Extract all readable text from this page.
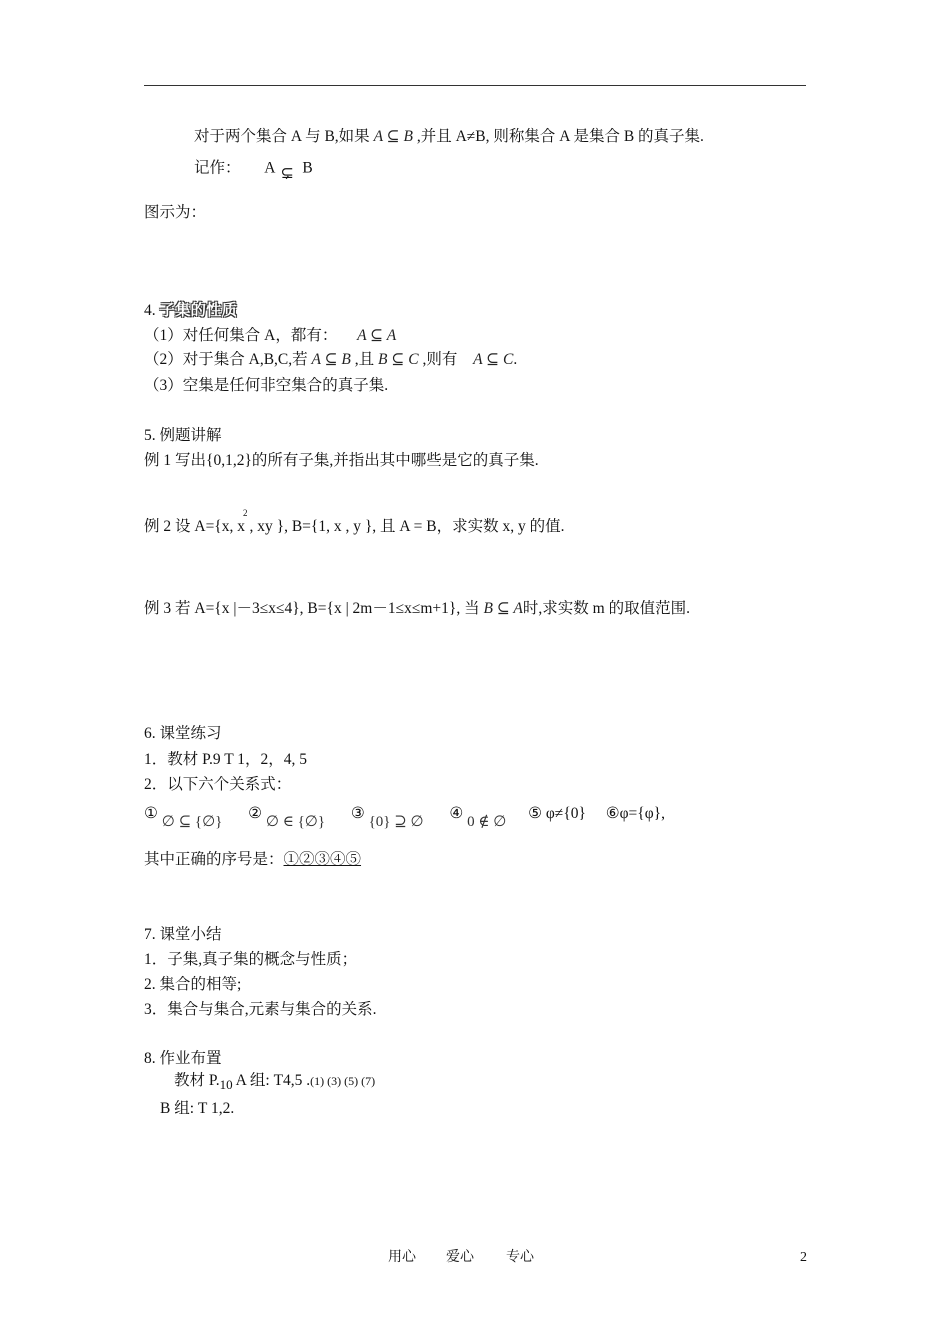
对于两个集合 A 与 B,如果 A ⊆ B ,并且 A≠B, 则称集合 A 是集合 B 的真子集.
记作： A ⊊ B
图示为：
4. 子集的性质
（1）对任何集合 A，都有： A ⊆ A
（2）对于集合 A,B,C,若 A ⊆ B ,且 B ⊆ C ,则有 A ⊆ C.
（3）空集是任何非空集合的真子集.
5. 例题讲解
例 1 写出{0,1,2}的所有子集,并指出其中哪些是它的真子集.
例 2 设 A={x, $x^2$, xy }, B={1, x , y }, 且 A = B，求实数 x, y 的值.
例 3 若 A={x |－3≤x≤4}, B={x | 2m－1≤x≤m+1}, 当 B ⊆ A时,求实数 m 的取值范围.
6. 课堂练习
1．教材 P.9 T 1，2，4, 5
2．以下六个关系式：
① ∅ ⊆ {∅} ② ∅ ∈ {∅} ③ {0} ⊇ ∅ ④ 0 ∉ ∅ ⑤ φ≠{0} ⑥φ={φ},
其中正确的序号是：①②③④⑤
7. 课堂小结
1．子集,真子集的概念与性质；
2. 集合的相等;
3．集合与集合,元素与集合的关系.
8. 作业布置
教材 $P._{10}$ A 组: T4,5 .(1) (3) (5) (7)
B 组: T 1,2.
用心 爱心 专心	2
